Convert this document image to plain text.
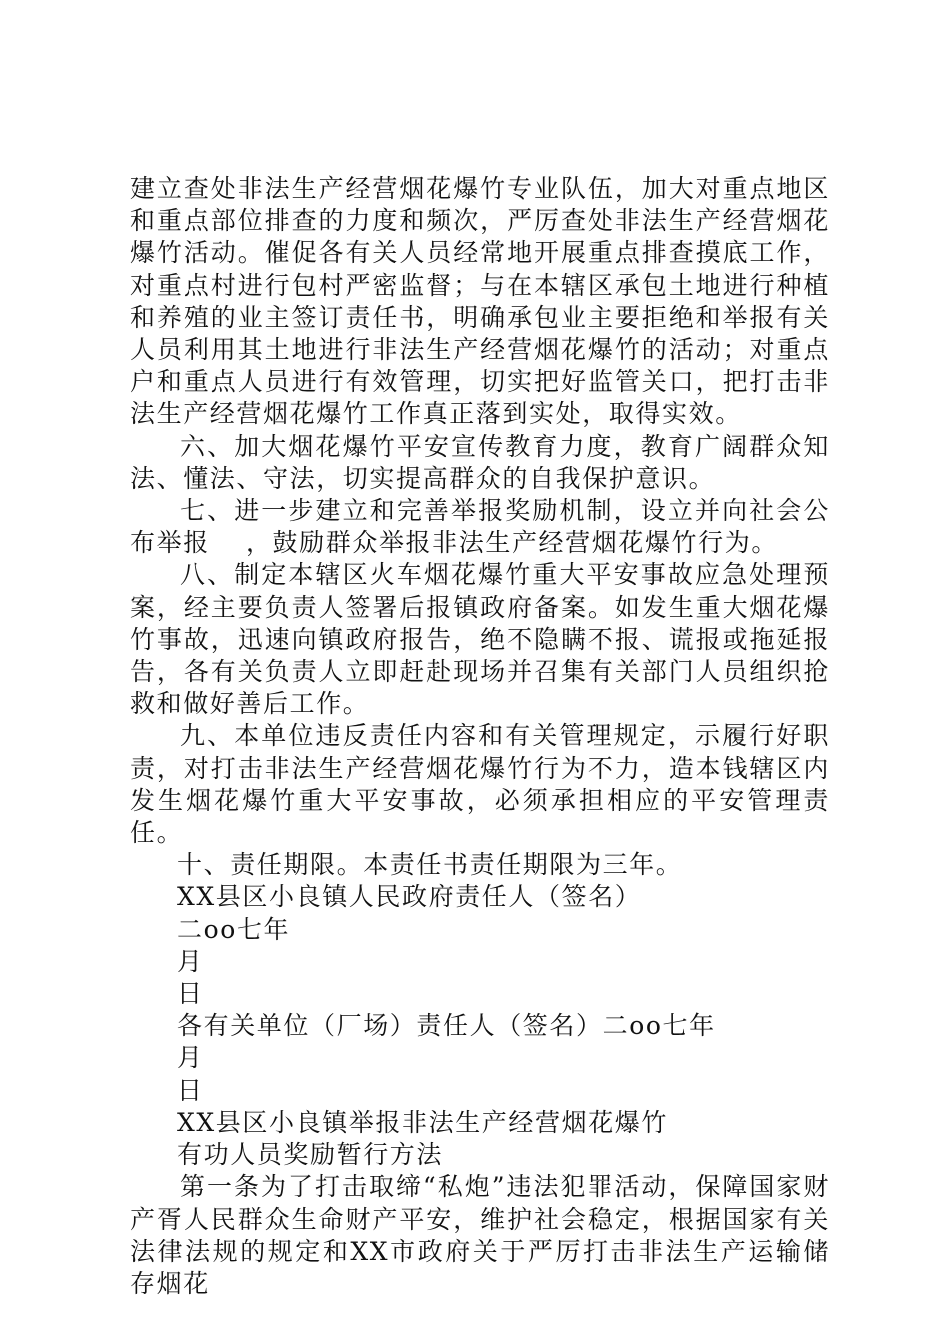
建立查处非法生产经营烟花爆竹专业队伍，加大对重点地区和重点部位排查的力度和频次，严厉查处非法生产经营烟花爆竹活动。催促各有关人员经常地开展重点排查摸底工作，对重点村进行包村严密监督；与在本辖区承包土地进行种植和养殖的业主签订责任书，明确承包业主要拒绝和举报有关人员利用其土地进行非法生产经营烟花爆竹的活动；对重点户和重点人员进行有效管理，切实把好监管关口，把打击非法生产经营烟花爆竹工作真正落到实处，取得实效。

六、加大烟花爆竹平安宣传教育力度，教育广阔群众知法、懂法、守法，切实提高群众的自我保护意识。

七、进一步建立和完善举报奖励机制，设立并向社会公布举报　 ，鼓励群众举报非法生产经营烟花爆竹行为。

八、制定本辖区火车烟花爆竹重大平安事故应急处理预案，经主要负责人签署后报镇政府备案。如发生重大烟花爆竹事故，迅速向镇政府报告，绝不隐瞒不报、谎报或拖延报告，各有关负责人立即赶赴现场并召集有关部门人员组织抢救和做好善后工作。

九、本单位违反责任内容和有关管理规定，示履行好职责，对打击非法生产经营烟花爆竹行为不力，造本钱辖区内发生烟花爆竹重大平安事故，必须承担相应的平安管理责任。

十、责任期限。本责任书责任期限为三年。
XX县区小良镇人民政府责任人（签名）
二oo七年
月
日
各有关单位（厂场）责任人（签名）二oo七年
月
日
XX县区小良镇举报非法生产经营烟花爆竹
有功人员奖励暂行方法

第一条为了打击取缔“私炮”违法犯罪活动，保障国家财产胥人民群众生命财产平安，维护社会稳定，根据国家有关法律法规的规定和XX市政府关于严厉打击非法生产运输储存烟花
